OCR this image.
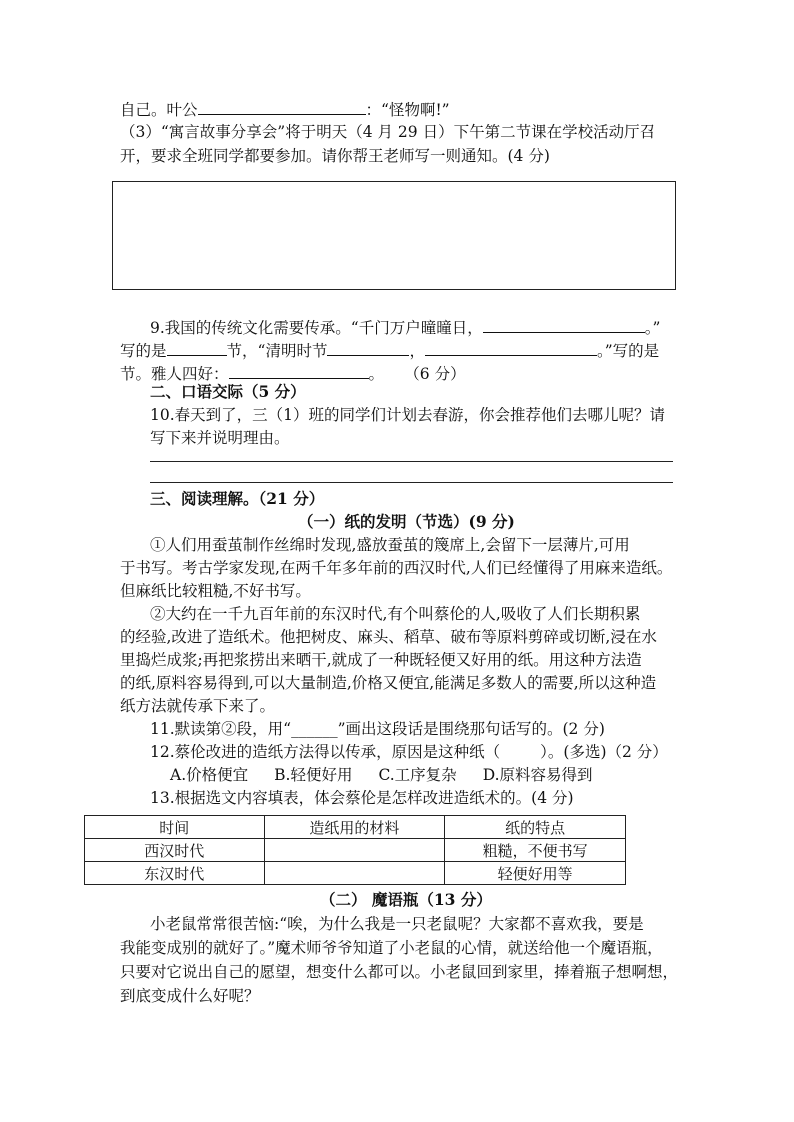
自己。叶公	：“怪物啊!”
（3）“寓言故事分享会”将于明天（4 月 29 日）下午第二节课在学校活动厅召
开，要求全班同学都要参加。请你帮王老师写一则通知。(4 分)
9.我国的传统文化需要传承。“千门万户曈曈日，	。”
写的是	节，“清明时节	，	。”写的是
节。雅人四好：	。 （6 分）
二、口语交际（5 分）
10.春天到了，三（1）班的同学们计划去春游，你会推荐他们去哪儿呢？请
写下来并说明理由。
三、阅读理解。（21 分）
（一）纸的发明（节选）(9 分)
①人们用蚕茧制作丝绵时发现,盛放蚕茧的篾席上,会留下一层薄片,可用
于书写。考古学家发现,在两千年多年前的西汉时代,人们已经懂得了用麻来造纸。
但麻纸比较粗糙,不好书写。
②大约在一千九百年前的东汉时代,有个叫蔡伦的人,吸收了人们长期积累
的经验,改进了造纸术。他把树皮、麻头、稻草、破布等原料剪碎或切断,浸在水
里捣烂成浆;再把浆捞出来晒干,就成了一种既轻便又好用的纸。用这种方法造
的纸,原料容易得到,可以大量制造,价格又便宜,能满足多数人的需要,所以这种造
纸方法就传承下来了。
11.默读第②段，用“______”画出这段话是围绕那句话写的。(2 分)
12.蔡伦改进的造纸方法得以传承，原因是这种纸（	）。(多选)（2 分）
A.价格便宜 B.轻便好用 C.工序复杂 D.原料容易得到
13.根据选文内容填表，体会蔡伦是怎样改进造纸术的。(4 分)
时间	造纸用的材料	纸的特点
西汉时代		粗糙，不便书写
东汉时代		轻便好用等
（二） 魔语瓶（13 分）
小老鼠常常很苦恼:“唉，为什么我是一只老鼠呢？大家都不喜欢我，要是
我能变成别的就好了。”魔术师爷爷知道了小老鼠的心情，就送给他一个魔语瓶，
只要对它说出自己的愿望，想变什么都可以。小老鼠回到家里，捧着瓶子想啊想，
到底变成什么好呢？
